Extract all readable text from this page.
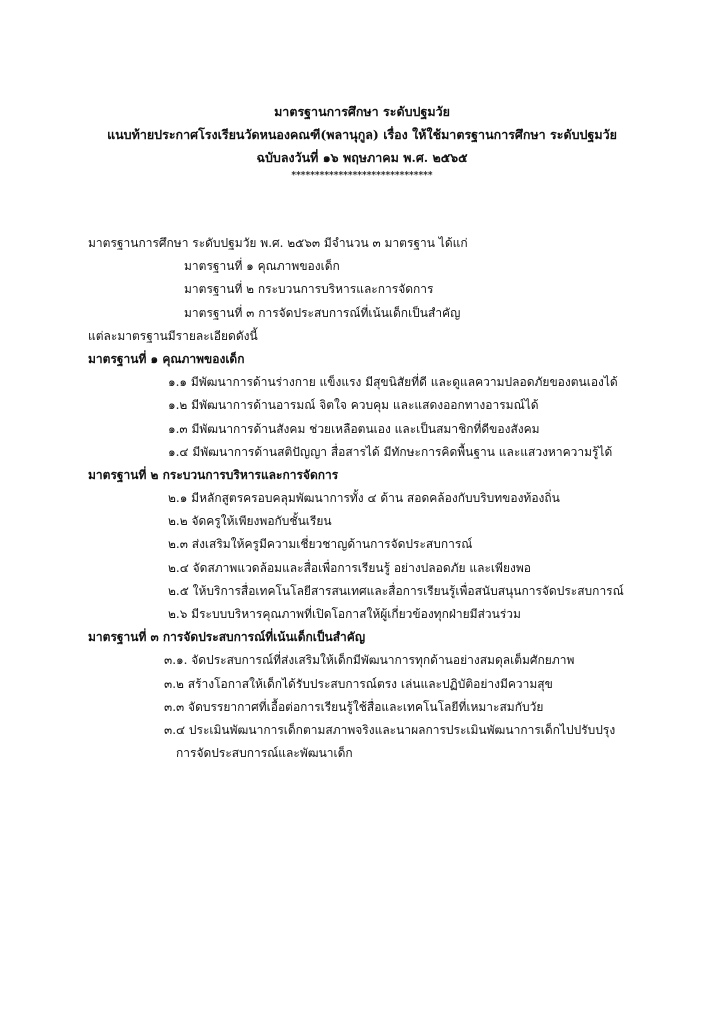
มาตรฐานการศึกษา ระดับปฐมวัย
แนบท้ายประกาศโรงเรียนวัดหนองคณฑี(พลานุกูล) เรื่อง ให้ใช้มาตรฐานการศึกษา ระดับปฐมวัย
ฉบับลงวันที่ ๑๖ พฤษภาคม พ.ศ. ๒๕๖๕
******************************
มาตรฐานการศึกษา ระดับปฐมวัย พ.ศ. ๒๕๖๓ มีจำนวน ๓ มาตรฐาน ได้แก่
มาตรฐานที่ ๑ คุณภาพของเด็ก
มาตรฐานที่ ๒ กระบวนการบริหารและการจัดการ
มาตรฐานที่ ๓ การจัดประสบการณ์ที่เน้นเด็กเป็นสำคัญ
แต่ละมาตรฐานมีรายละเอียดดังนี้
มาตรฐานที่ ๑ คุณภาพของเด็ก
๑.๑ มีพัฒนาการด้านร่างกาย แข็งแรง มีสุขนิสัยที่ดี และดูแลความปลอดภัยของตนเองได้
๑.๒ มีพัฒนาการด้านอารมณ์ จิตใจ ควบคุม และแสดงออกทางอารมณ์ได้
๑.๓ มีพัฒนาการด้านสังคม ช่วยเหลือตนเอง และเป็นสมาชิกที่ดีของสังคม
๑.๔ มีพัฒนาการด้านสติปัญญา สื่อสารได้ มีทักษะการคิดพื้นฐาน และแสวงหาความรู้ได้
มาตรฐานที่ ๒ กระบวนการบริหารและการจัดการ
๒.๑ มีหลักสูตรครอบคลุมพัฒนาการทั้ง ๔ ด้าน สอดคล้องกับบริบทของท้องถิ่น
๒.๒ จัดครูให้เพียงพอกับชั้นเรียน
๒.๓ ส่งเสริมให้ครูมีความเชี่ยวชาญด้านการจัดประสบการณ์
๒.๔ จัดสภาพแวดล้อมและสื่อเพื่อการเรียนรู้ อย่างปลอดภัย และเพียงพอ
๒.๕ ให้บริการสื่อเทคโนโลยีสารสนเทศและสื่อการเรียนรู้เพื่อสนับสนุนการจัดประสบการณ์
๒.๖ มีระบบบริหารคุณภาพที่เปิดโอกาสให้ผู้เกี่ยวข้องทุกฝ่ายมีส่วนร่วม
มาตรฐานที่ ๓ การจัดประสบการณ์ที่เน้นเด็กเป็นสำคัญ
๓.๑. จัดประสบการณ์ที่ส่งเสริมให้เด็กมีพัฒนาการทุกด้านอย่างสมดุลเต็มศักยภาพ
๓.๒ สร้างโอกาสให้เด็กได้รับประสบการณ์ตรง เล่นและปฏิบัติอย่างมีความสุข
๓.๓ จัดบรรยากาศที่เอื้อต่อการเรียนรู้ใช้สื่อและเทคโนโลยีที่เหมาะสมกับวัย
๓.๔ ประเมินพัฒนาการเด็กตามสภาพจริงและนาผลการประเมินพัฒนาการเด็กไปปรับปรุง
การจัดประสบการณ์และพัฒนาเด็ก
